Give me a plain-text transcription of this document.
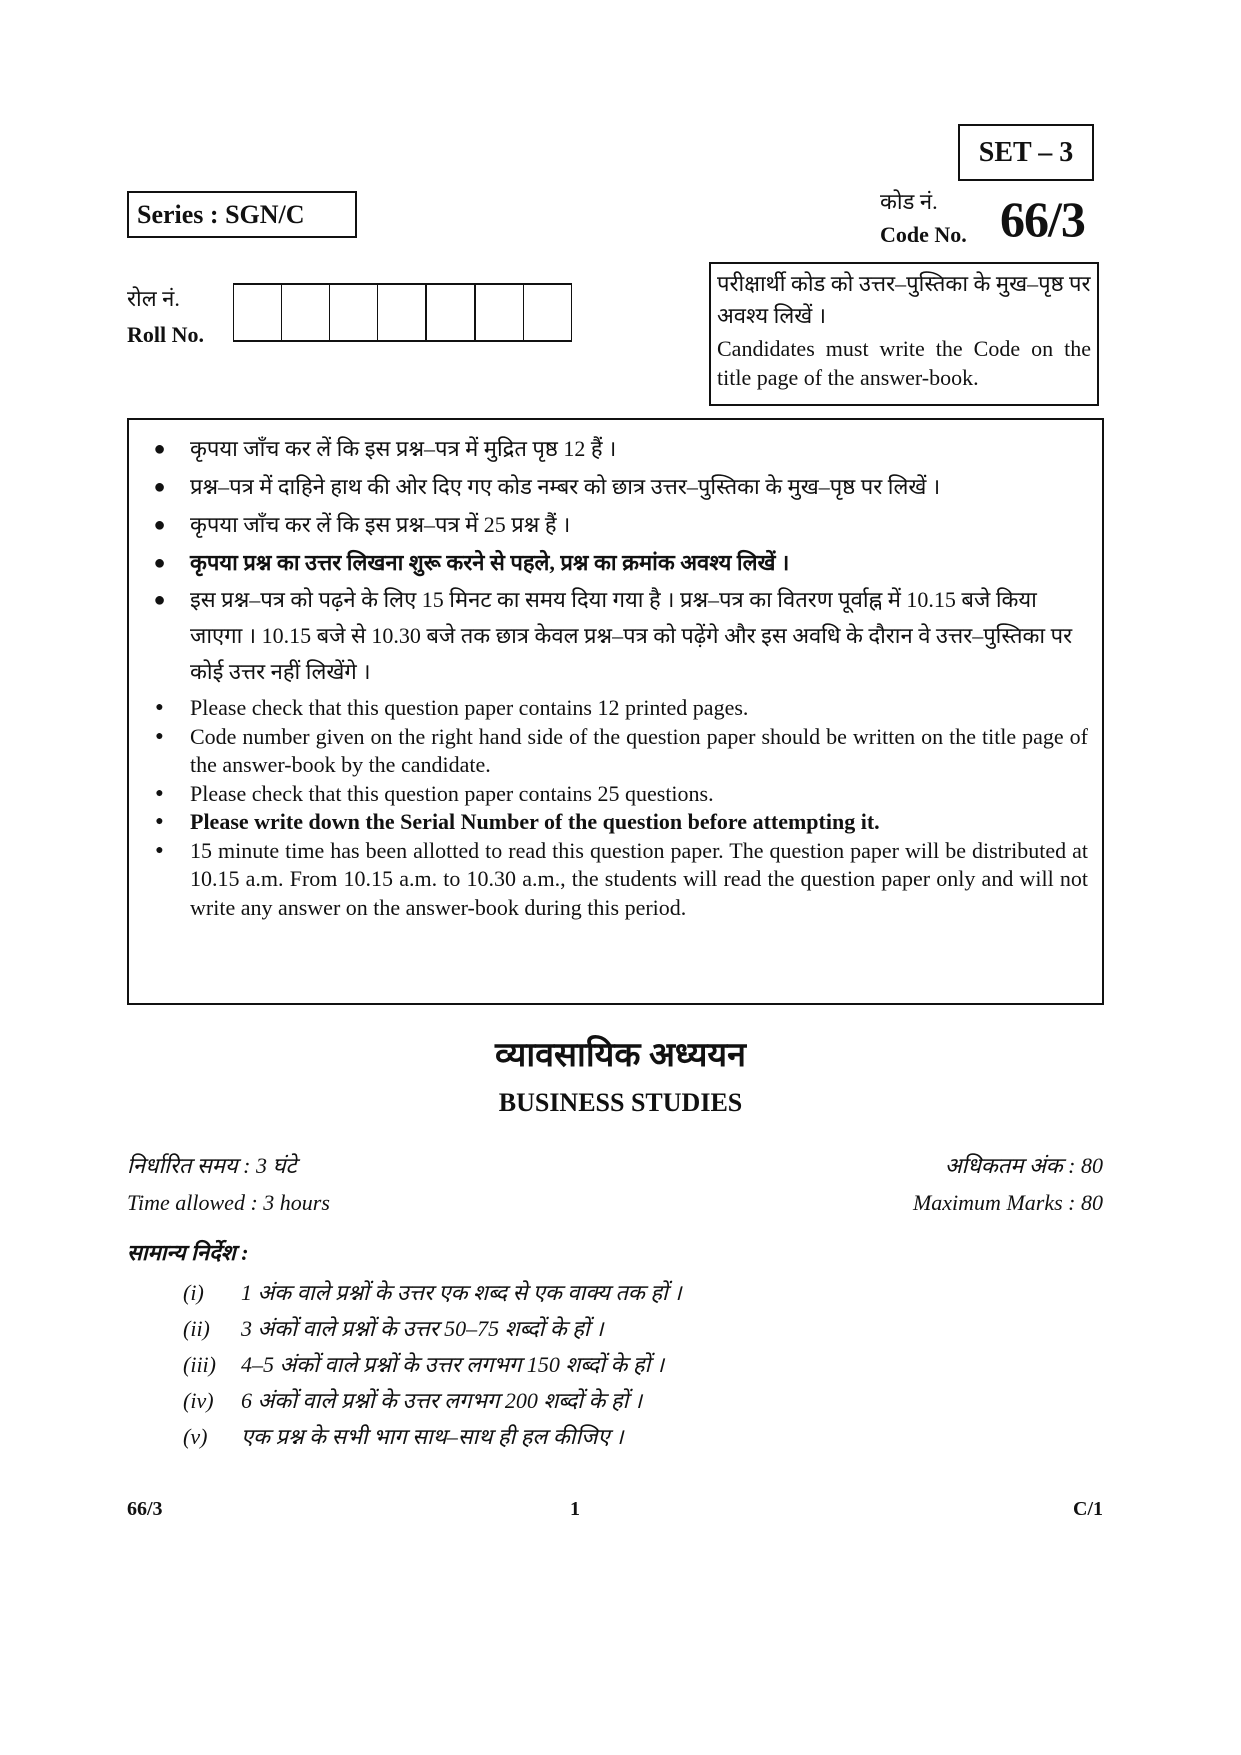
SET – 3
Series : SGN/C	कोड नं.
Code No. 66/3
रोल नं.
Roll No.
परीक्षार्थी कोड को उत्तर–पुस्तिका के मुख–पृष्ठ पर अवश्य लिखें ।
Candidates must write the Code on the title page of the answer-book.
●	कृपया जाँच कर लें कि इस प्रश्न–पत्र में मुद्रित पृष्ठ 12 हैं ।
●	प्रश्न–पत्र में दाहिने हाथ की ओर दिए गए कोड नम्बर को छात्र उत्तर–पुस्तिका के मुख–पृष्ठ पर लिखें ।
●	कृपया जाँच कर लें कि इस प्रश्न–पत्र में 25 प्रश्न हैं ।
●	कृपया प्रश्न का उत्तर लिखना शुरू करने से पहले, प्रश्न का क्रमांक अवश्य लिखें ।
●	इस प्रश्न–पत्र को पढ़ने के लिए 15 मिनट का समय दिया गया है । प्रश्न–पत्र का वितरण पूर्वाह्न में 10.15 बजे किया जाएगा । 10.15 बजे से 10.30 बजे तक छात्र केवल प्रश्न–पत्र को पढ़ेंगे और इस अवधि के दौरान वे उत्तर–पुस्तिका पर कोई उत्तर नहीं लिखेंगे ।
●	Please check that this question paper contains 12 printed pages.
●	Code number given on the right hand side of the question paper should be written on the title page of the answer-book by the candidate.
●	Please check that this question paper contains 25 questions.
●	Please write down the Serial Number of the question before attempting it.
●	15 minute time has been allotted to read this question paper. The question paper will be distributed at 10.15 a.m. From 10.15 a.m. to 10.30 a.m., the students will read the question paper only and will not write any answer on the answer-book during this period.
व्यावसायिक अध्ययन
BUSINESS STUDIES
निर्धारित समय : 3 घंटे
Time allowed : 3 hours
अधिकतम अंक : 80
Maximum Marks : 80
सामान्य निर्देश :
(i)	1 अंक वाले प्रश्नों के उत्तर एक शब्द से एक वाक्य तक हों ।
(ii)	3 अंकों वाले प्रश्नों के उत्तर 50–75 शब्दों के हों ।
(iii)	4–5 अंकों वाले प्रश्नों के उत्तर लगभग 150 शब्दों के हों ।
(iv)	6 अंकों वाले प्रश्नों के उत्तर लगभग 200 शब्दों के हों ।
(v)	एक प्रश्न के सभी भाग साथ–साथ ही हल कीजिए ।
66/3	1	C/1
